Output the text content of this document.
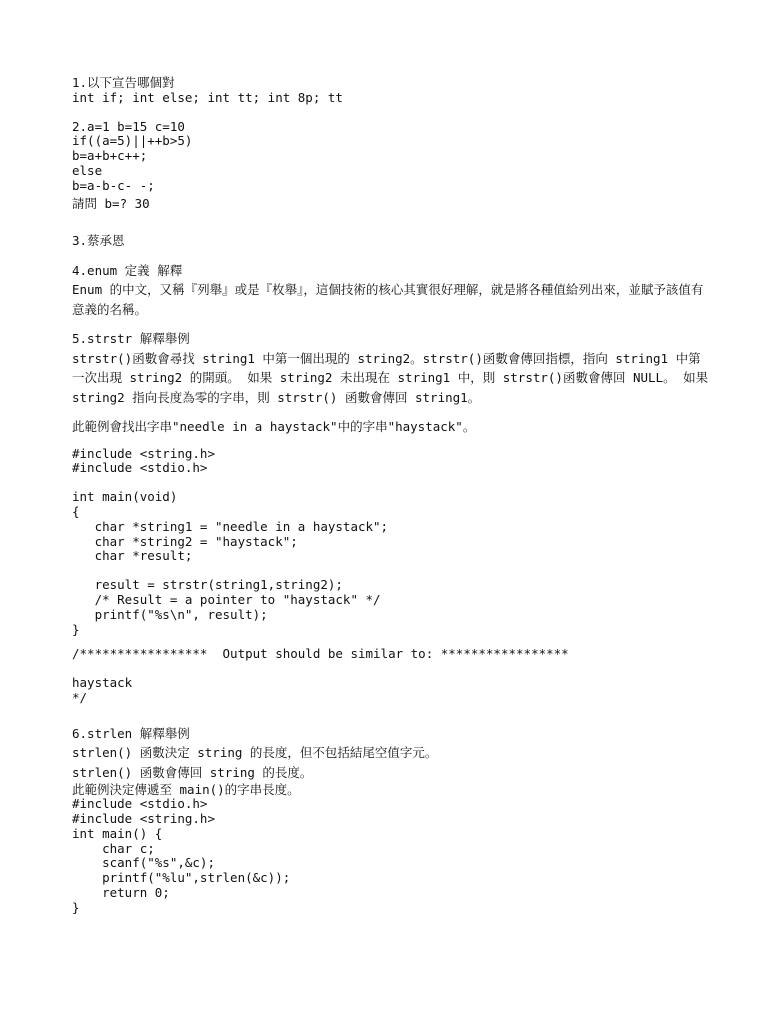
1.以下宣告哪個對
int if; int else; int tt; int 8p; tt
2.a=1 b=15 c=10
if((a=5)||++b>5)
b=a+b+c++;
else
b=a-b-c- -;
請問 b=? 30
3.蔡承恩
4.enum 定義 解釋
Enum 的中文，又稱『列舉』或是『枚舉』，這個技術的核心其實很好理解，就是將各種值給列出來，並賦予該值有意義的名稱。
5.strstr 解釋舉例
strstr()函數會尋找 string1 中第一個出現的 string2。strstr()函數會傳回指標，指向 string1 中第一次出現 string2 的開頭。 如果 string2 未出現在 string1 中，則 strstr()函數會傳回 NULL。 如果 string2 指向長度為零的字串，則 strstr() 函數會傳回 string1。
此範例會找出字串"needle in a haystack"中的字串"haystack"。
#include <string.h>
#include <stdio.h>
int main(void)
{
char *string1 = "needle in a haystack";
char *string2 = "haystack";
char *result;
result = strstr(string1,string2);
/* Result = a pointer to "haystack" */
printf("%s\n", result);
}
/*****************  Output should be similar to: *****************
haystack
*/
6.strlen 解釋舉例
strlen() 函數決定 string 的長度，但不包括結尾空值字元。
strlen() 函數會傳回 string 的長度。
此範例決定傳遞至 main()的字串長度。
#include <stdio.h>
#include <string.h>
int main() {
char c;
scanf("%s",&c);
printf("%lu",strlen(&c));
return 0;
}
